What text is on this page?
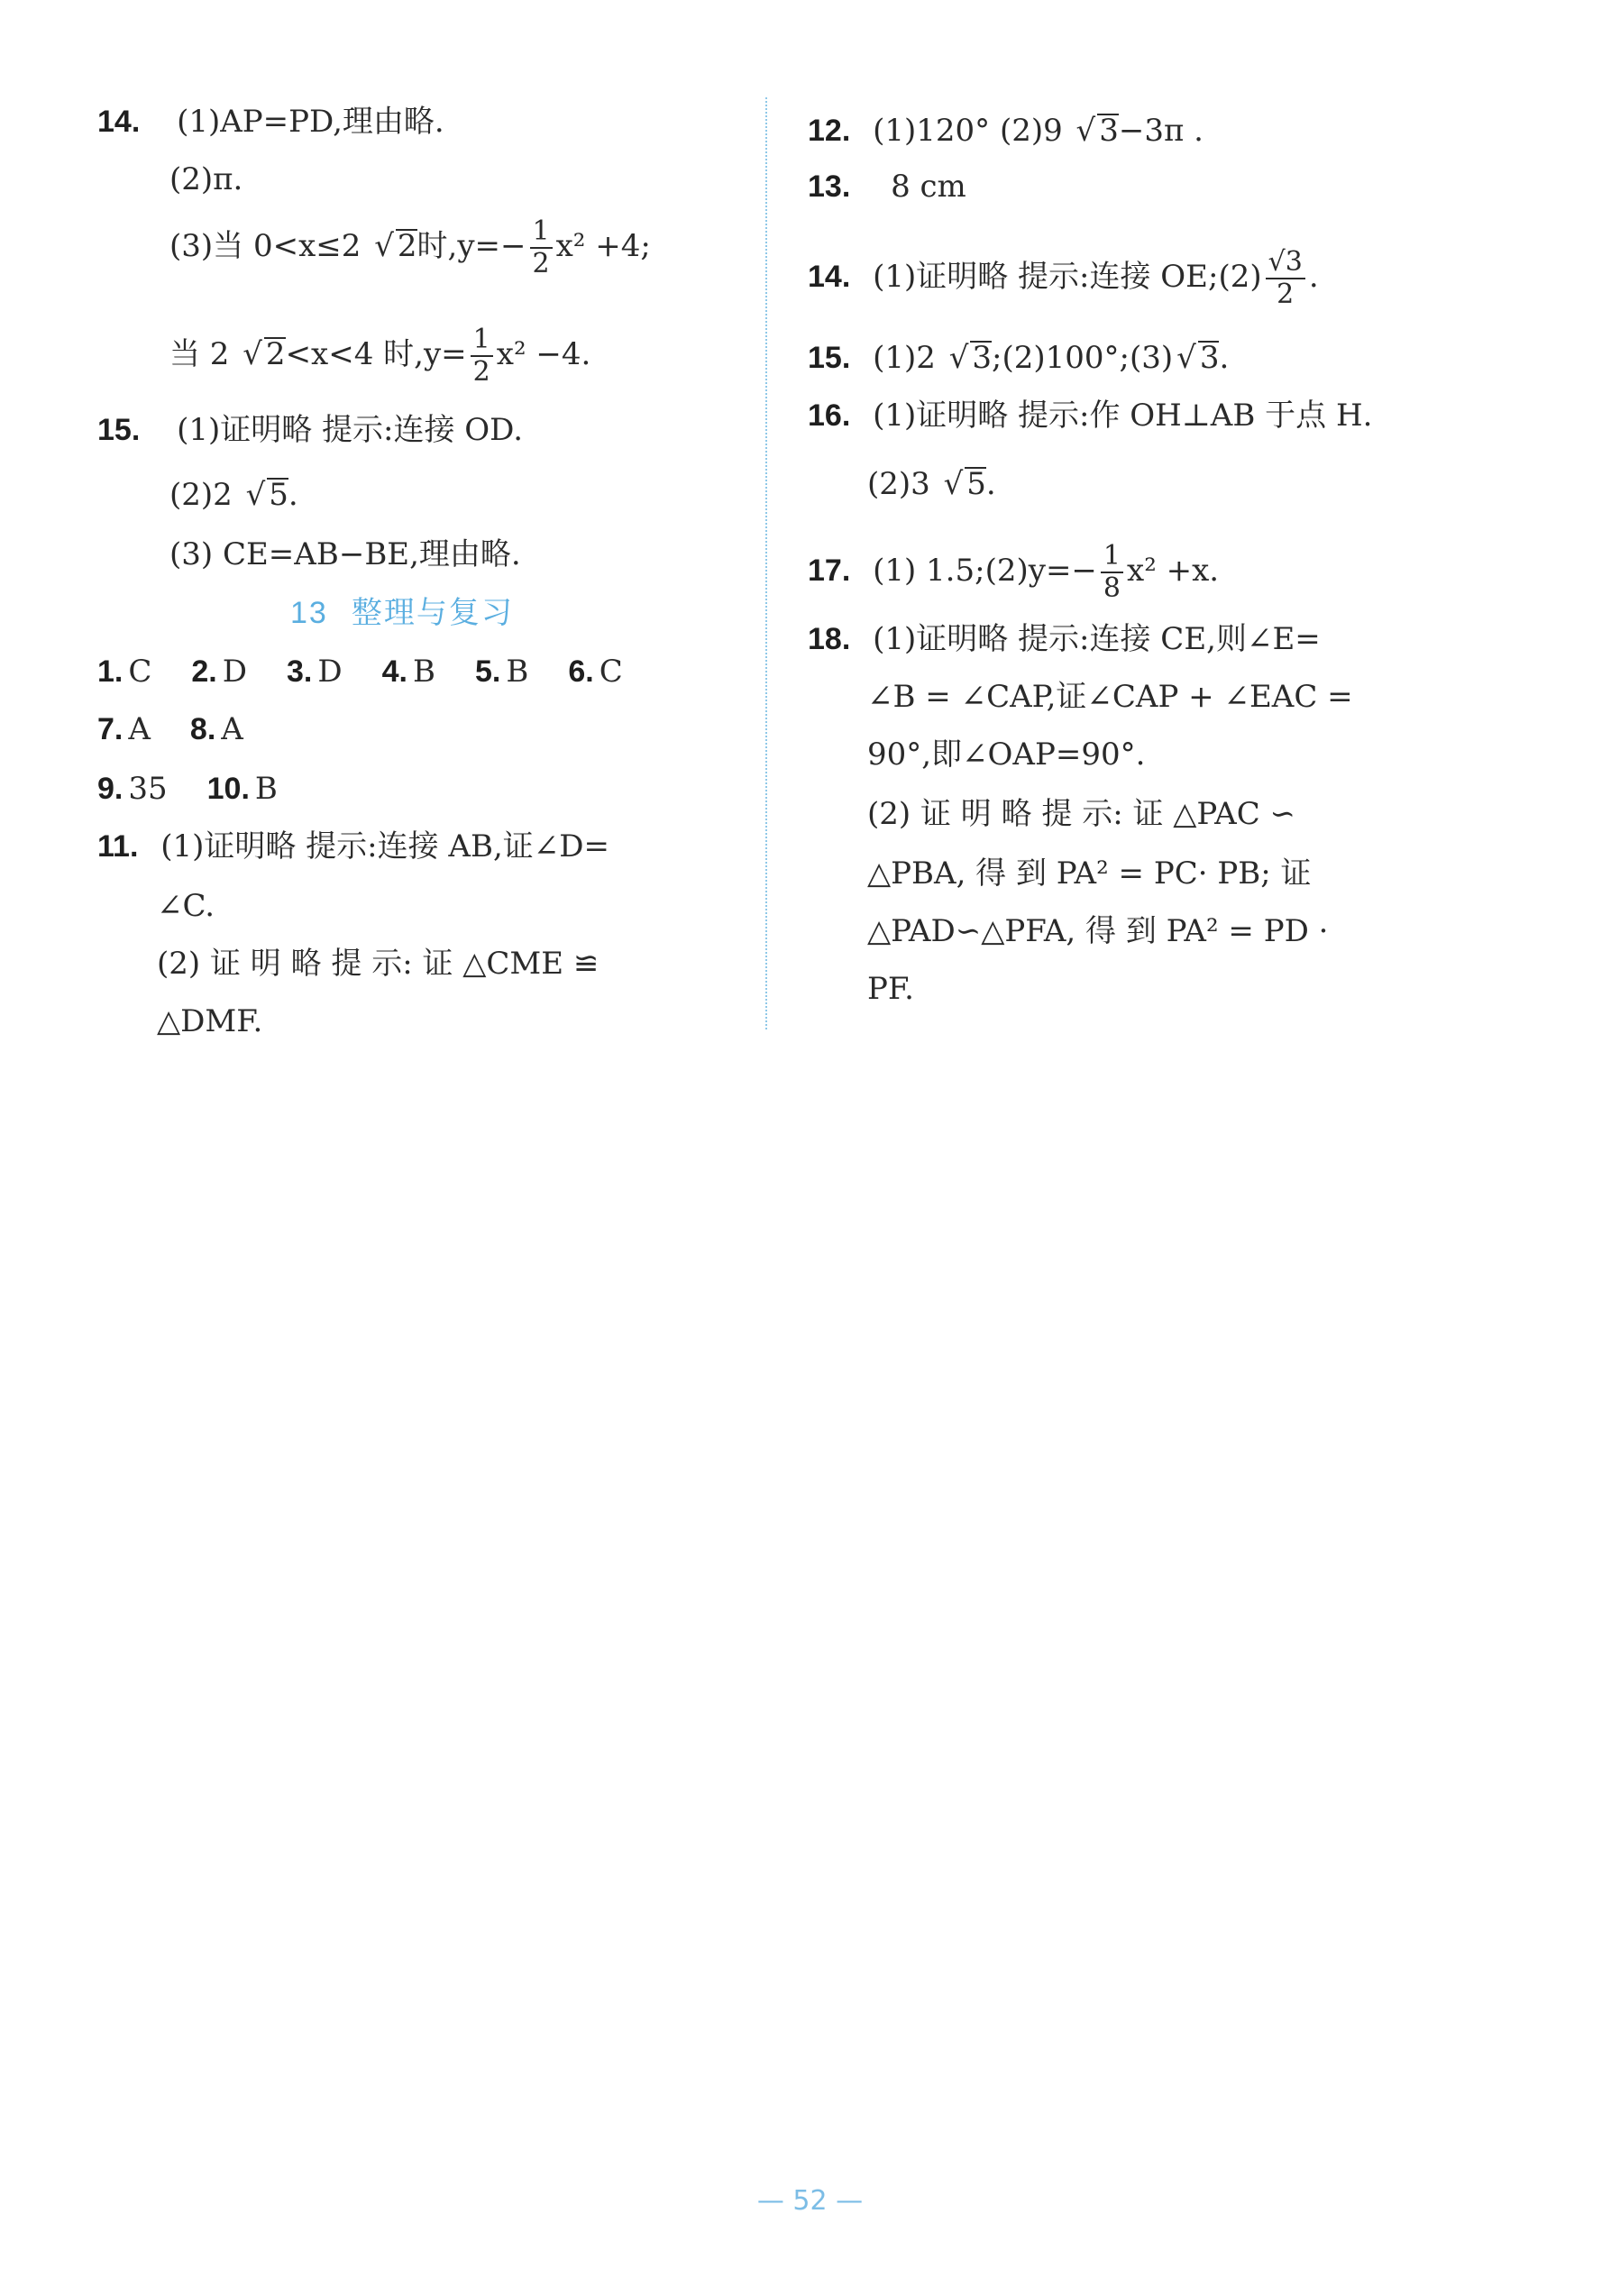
14. (1)AP=PD,理由略.
(2)π.
(3)当 0<x≤2 √ 2时$,y=- \frac{1}{2} x^2 +4$;
当 2 √ 2<x<4 时$,y= \frac{1}{2} x^2 -4$.
15. (1)证明略 提示:连接 OD.
(2)2 √ 5.
(3) CE=AB−BE,理由略.
13 整理与复习
1. C 2. D 3. D 4. B 5. B 6. C
7. A 8. A
9. 35 10. B
11. (1)证明略 提示:连接 AB,证∠D=
∠C.
(2) 证 明 略 提 示: 证 △CME ≌
△DMF.
12. (1)120° (2)9 √ 3−3π .
13. 8 cm
14. (1)证明略 提示:连接 OE;(2) $\frac{√3}{2}$ .
15. (1)2 √ 3;(2)100°;(3) √ 3.
16. (1)证明略 提示:作 OH⊥AB 于点 H.
(2)3 √ 5.
17. (1) 1.5;(2)y=− $\frac{1}{8} x^2 +x$.
18. (1)证明略 提示:连接 CE,则∠E=
∠B = ∠CAP,证∠CAP + ∠EAC =
90°,即∠OAP=90°.
(2) 证 明 略 提 示: 证 △PAC ∽
△PBA, 得 到 PA² = PC· PB; 证
△PAD∽△PFA, 得 到 PA² = PD ·
PF.
— 52 —
